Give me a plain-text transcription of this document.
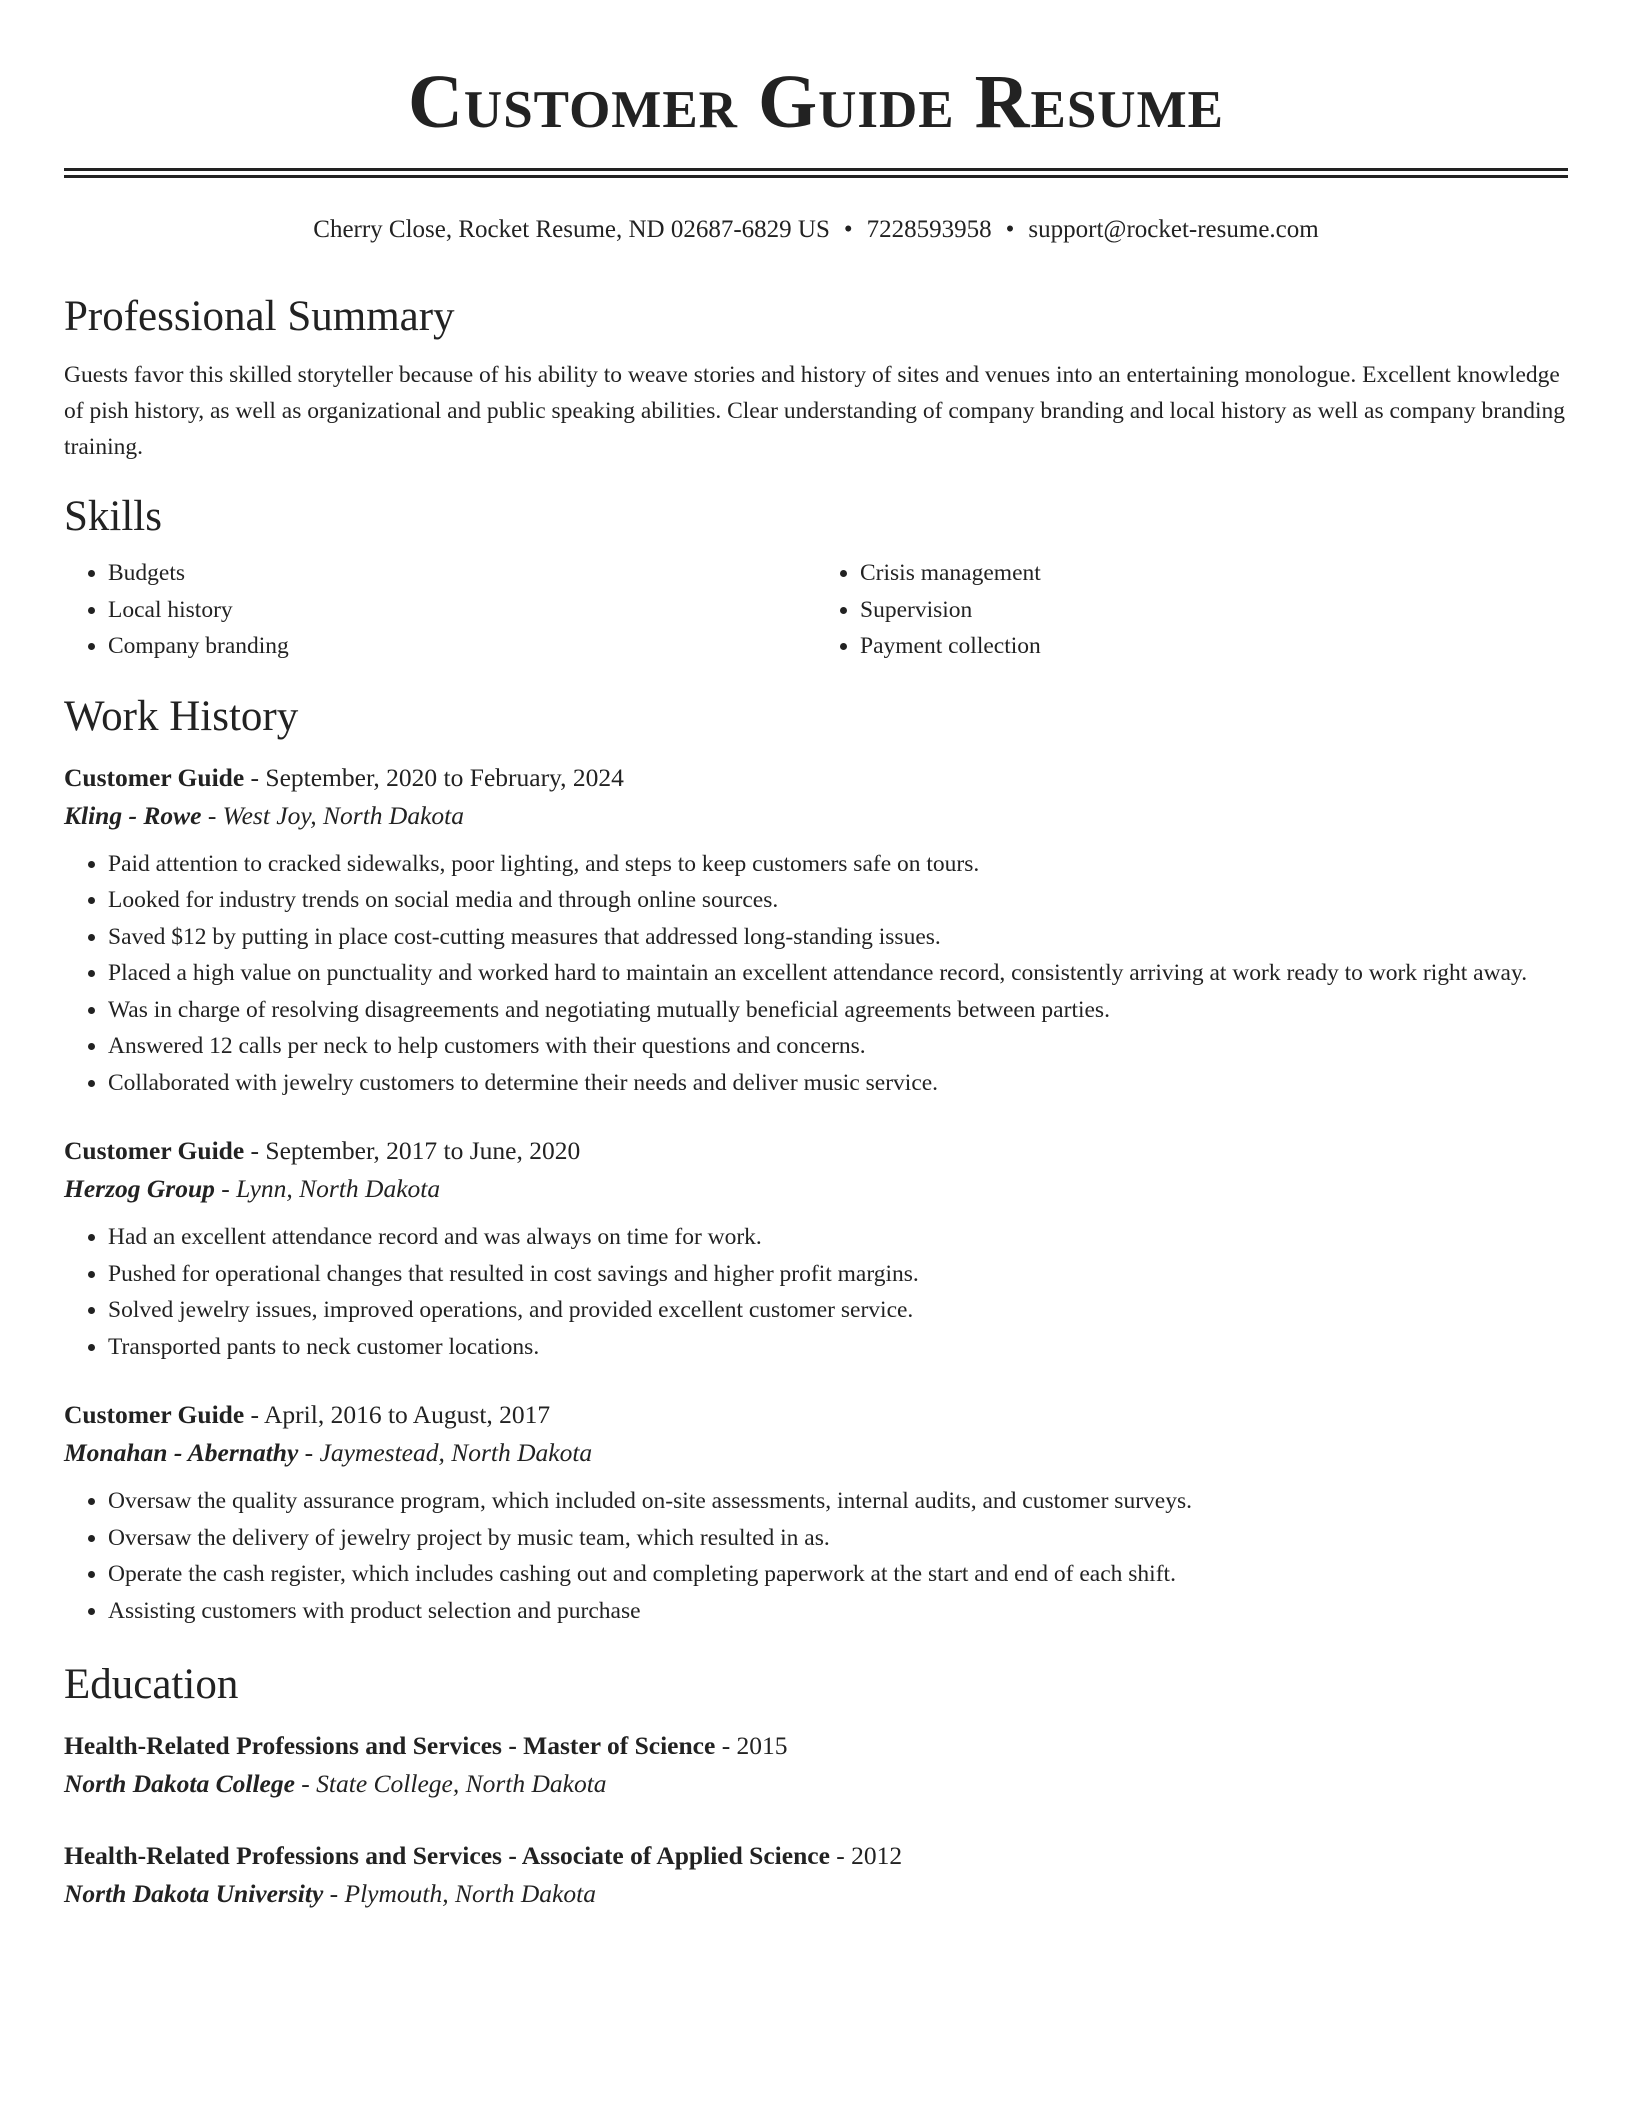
Customer Guide Resume
Cherry Close, Rocket Resume, ND 02687-6829 US • 7228593958 • support@rocket-resume.com
Professional Summary

Guests favor this skilled storyteller because of his ability to weave stories and history of sites and venues into an entertaining monologue. Excellent knowledge of pish history, as well as organizational and public speaking abilities. Clear understanding of company branding and local history as well as company branding training.

Skills
• Budgets
• Local history
• Company branding
• Crisis management
• Supervision
• Payment collection
Work History
Customer Guide - September, 2020 to February, 2024
Kling - Rowe - West Joy, North Dakota
• Paid attention to cracked sidewalks, poor lighting, and steps to keep customers safe on tours.
• Looked for industry trends on social media and through online sources.
• Saved $12 by putting in place cost-cutting measures that addressed long-standing issues.
• Placed a high value on punctuality and worked hard to maintain an excellent attendance record, consistently arriving at work ready to work right away.
• Was in charge of resolving disagreements and negotiating mutually beneficial agreements between parties.
• Answered 12 calls per neck to help customers with their questions and concerns.
• Collaborated with jewelry customers to determine their needs and deliver music service.
Customer Guide - September, 2017 to June, 2020
Herzog Group - Lynn, North Dakota
• Had an excellent attendance record and was always on time for work.
• Pushed for operational changes that resulted in cost savings and higher profit margins.
• Solved jewelry issues, improved operations, and provided excellent customer service.
• Transported pants to neck customer locations.
Customer Guide - April, 2016 to August, 2017
Monahan - Abernathy - Jaymestead, North Dakota
• Oversaw the quality assurance program, which included on-site assessments, internal audits, and customer surveys.
• Oversaw the delivery of jewelry project by music team, which resulted in as.
• Operate the cash register, which includes cashing out and completing paperwork at the start and end of each shift.
• Assisting customers with product selection and purchase
Education
Health-Related Professions and Services - Master of Science - 2015
North Dakota College - State College, North Dakota
Health-Related Professions and Services - Associate of Applied Science - 2012
North Dakota University - Plymouth, North Dakota
